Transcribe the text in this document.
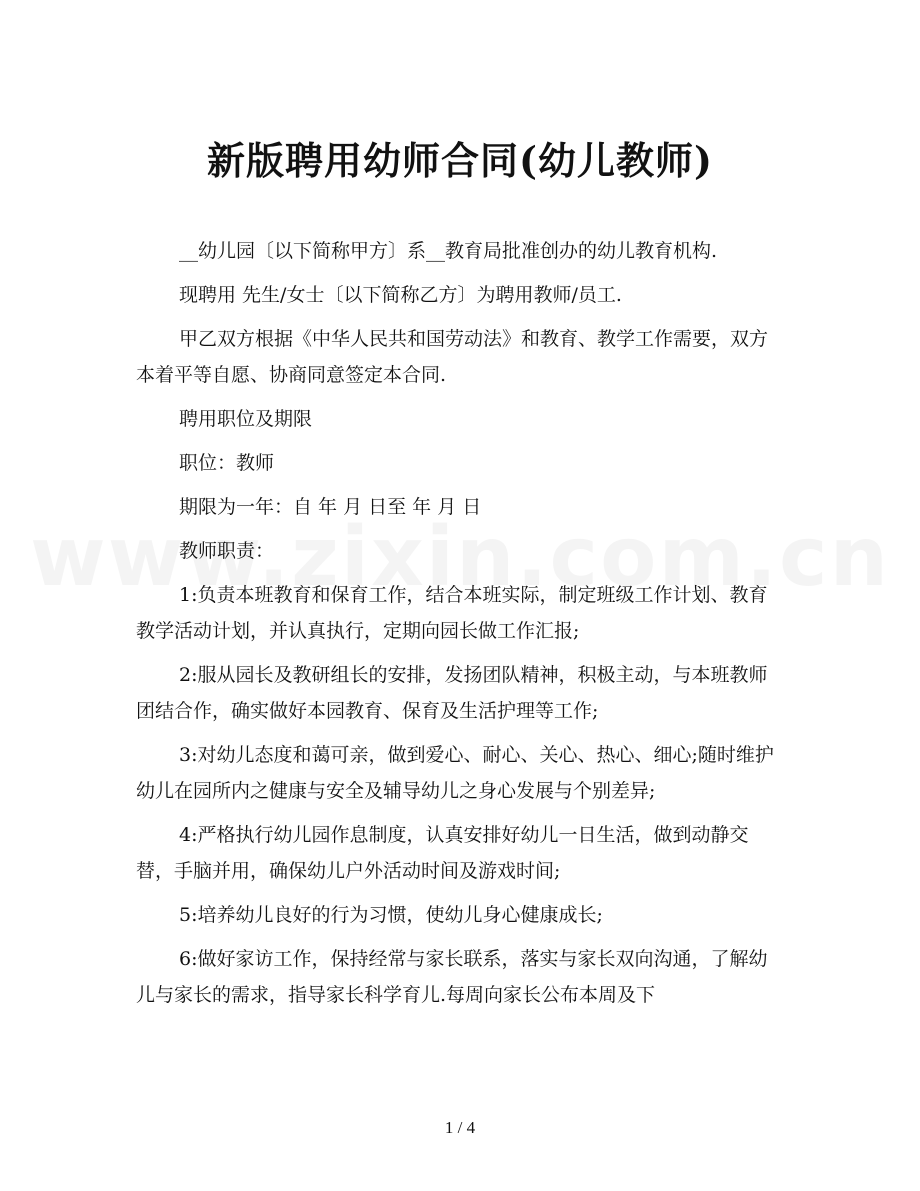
新版聘用幼师合同(幼儿教师)

__幼儿园〔以下简称甲方〕系__教育局批准创办的幼儿教育机构.

现聘用 先生/女士〔以下简称乙方〕为聘用教师/员工.

甲乙双方根据《中华人民共和国劳动法》和教育、教学工作需要，双方本着平等自愿、协商同意签定本合同.

聘用职位及期限

职位：教师

期限为一年：自 年 月 日至 年 月 日

教师职责：

1:负责本班教育和保育工作，结合本班实际，制定班级工作计划、教育教学活动计划，并认真执行，定期向园长做工作汇报;

2:服从园长及教研组长的安排，发扬团队精神，积极主动，与本班教师团结合作，确实做好本园教育、保育及生活护理等工作;

3:对幼儿态度和蔼可亲，做到爱心、耐心、关心、热心、细心;随时维护幼儿在园所内之健康与安全及辅导幼儿之身心发展与个别差异;

4:严格执行幼儿园作息制度，认真安排好幼儿一日生活，做到动静交替，手脑并用，确保幼儿户外活动时间及游戏时间;

5:培养幼儿良好的行为习惯，使幼儿身心健康成长;

6:做好家访工作，保持经常与家长联系，落实与家长双向沟通，了解幼儿与家长的需求，指导家长科学育儿.每周向家长公布本周及下

1 / 4
